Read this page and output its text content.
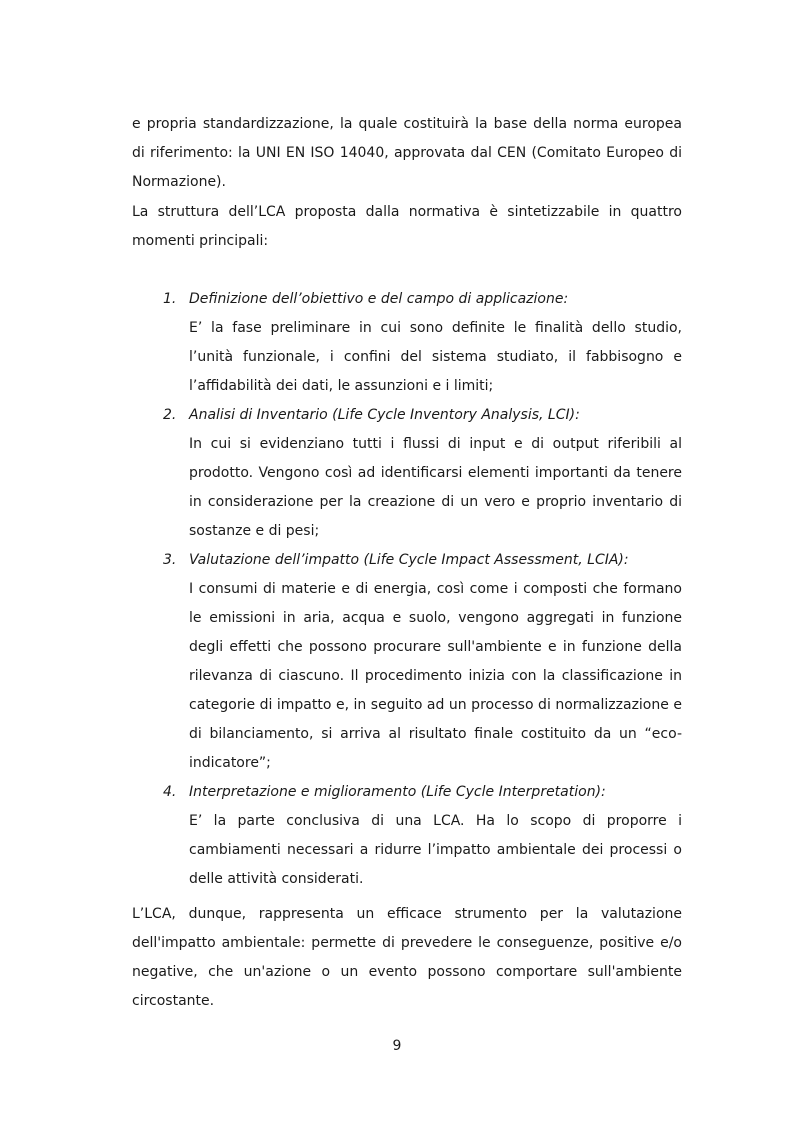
e propria standardizzazione, la quale costituirà la base della norma europea di riferimento: la UNI EN ISO 14040, approvata dal CEN (Comitato Europeo di Normazione).

La struttura dell’LCA proposta dalla normativa è sintetizzabile in quattro momenti principali:

1. Definizione dell’obiettivo e del campo di applicazione:
E’ la fase preliminare in cui sono definite le finalità dello studio, l’unità funzionale, i confini del sistema studiato, il fabbisogno e l’affidabilità dei dati, le assunzioni e i limiti;
2. Analisi di Inventario (Life Cycle Inventory Analysis, LCI):
In cui si evidenziano tutti i flussi di input e di output riferibili al prodotto. Vengono così ad identificarsi elementi importanti da tenere in considerazione per la creazione di un vero e proprio inventario di sostanze e di pesi;
3. Valutazione dell’impatto (Life Cycle Impact Assessment, LCIA):
I consumi di materie e di energia, così come i composti che formano le emissioni in aria, acqua e suolo, vengono aggregati in funzione degli effetti che possono procurare sull'ambiente e in funzione della rilevanza di ciascuno. Il procedimento inizia con la classificazione in categorie di impatto e, in seguito ad un processo di normalizzazione e di bilanciamento, si arriva al risultato finale costituito da un “eco-indicatore”;
4. Interpretazione e miglioramento (Life Cycle Interpretation):
E’ la parte conclusiva di una LCA. Ha lo scopo di proporre i cambiamenti necessari a ridurre l’impatto ambientale dei processi o delle attività considerati.

L’LCA, dunque, rappresenta un efficace strumento per la valutazione dell'impatto ambientale: permette di prevedere le conseguenze, positive e/o negative, che un'azione o un evento possono comportare sull'ambiente circostante.

9
